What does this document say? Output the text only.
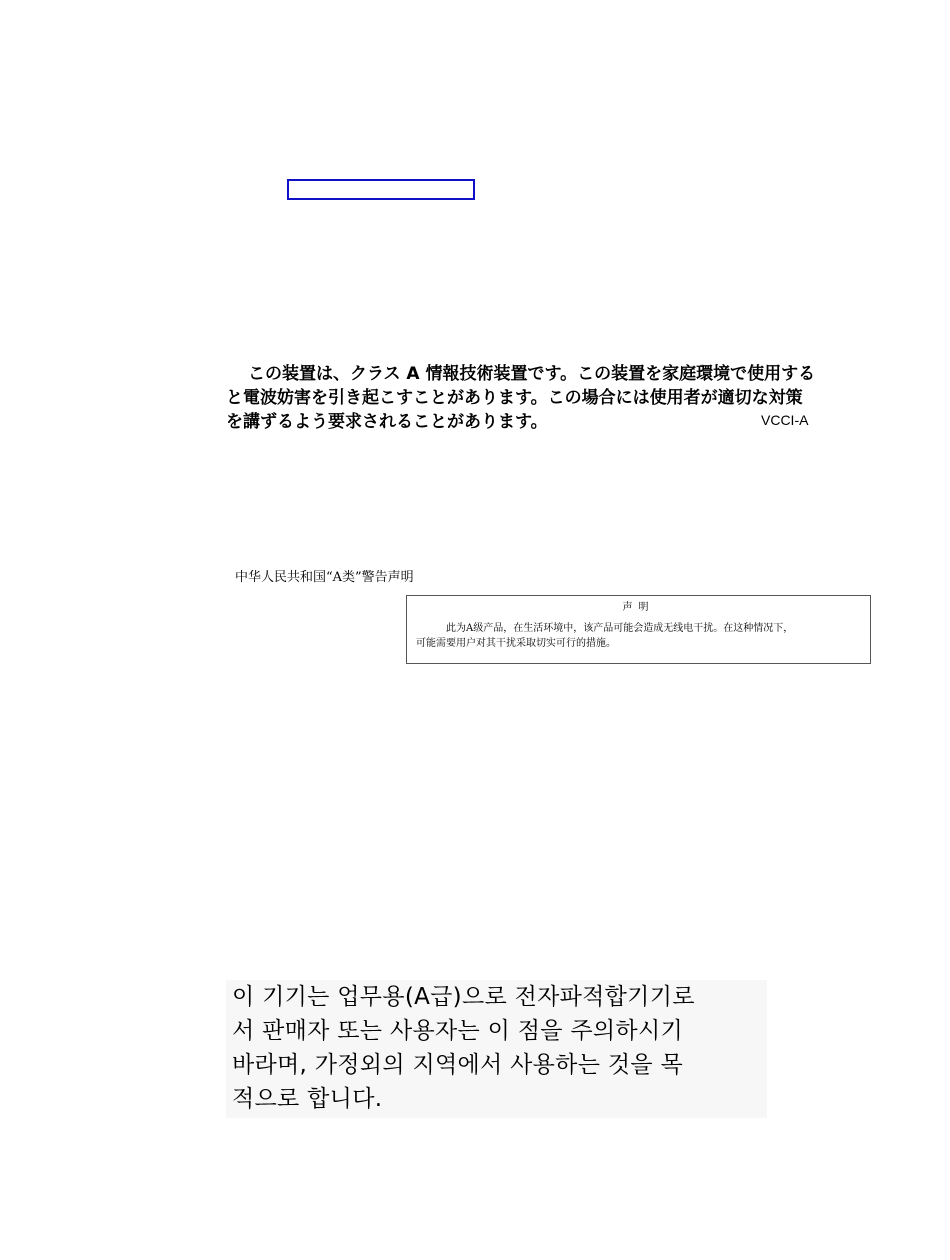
この装置は、クラス A 情報技術装置です。この装置を家庭環境で使用する
と電波妨害を引き起こすことがあります。この場合には使用者が適切な対策
を講ずるよう要求されることがあります。	VCCI-A
中华人民共和国“A类”警告声明
声明
此为A级产品，在生活环境中，该产品可能会造成无线电干扰。在这种情况下，
可能需要用户对其干扰采取切实可行的措施。
이 기기는 업무용(A급)으로 전자파적합기기로
서 판매자 또는 사용자는 이 점을 주의하시기
바라며, 가정외의 지역에서 사용하는 것을 목
적으로 합니다.
